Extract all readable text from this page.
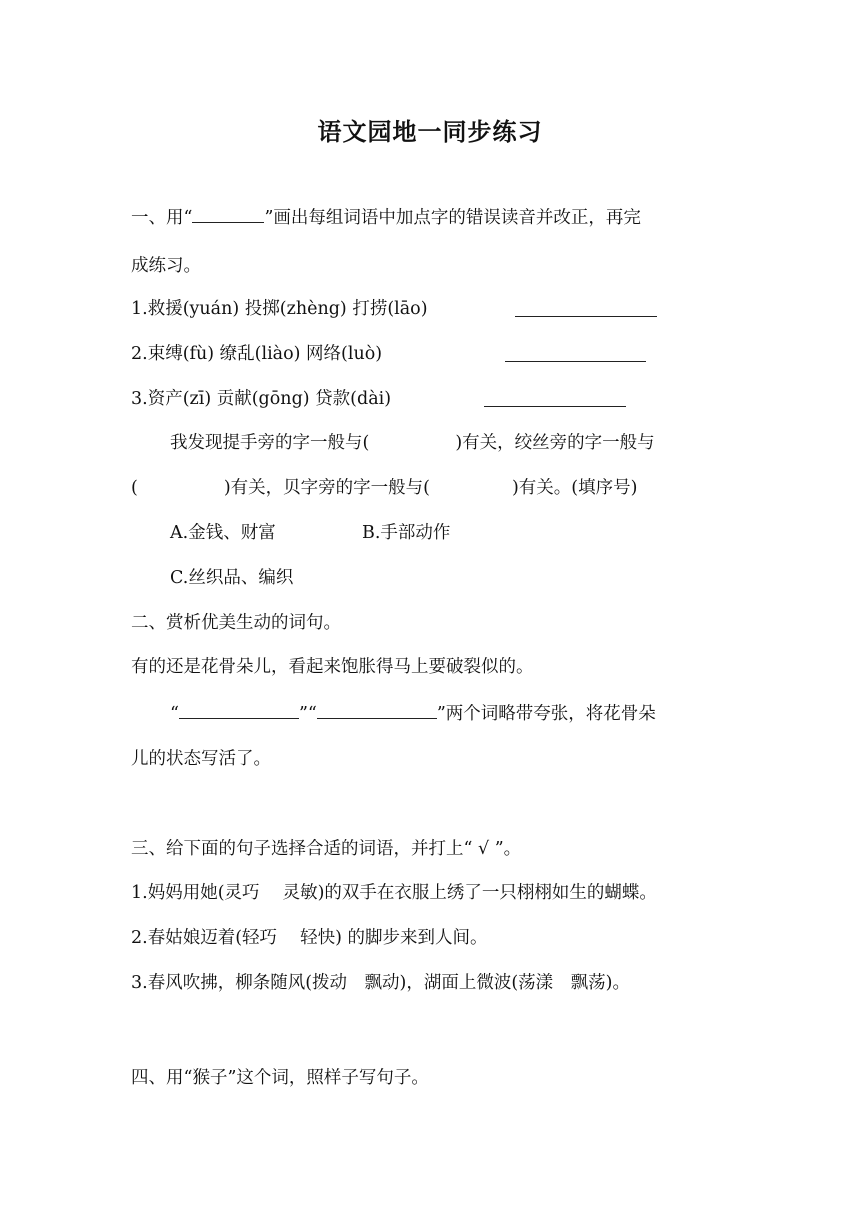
语文园地一同步练习
一、用“	”画出每组词语中加点字的错误读音并改正，再完
成练习。
1.救援(yuán) 投掷(zhèng) 打捞(lāo)
2.束缚(fù) 缭乱(liào) 网络(luò)
3.资产(zī) 贡献(gōng) 贷款(dài)
我发现提手旁的字一般与(	)有关，绞丝旁的字一般与
(	)有关，贝字旁的字一般与(	)有关。(填序号)
A.金钱、财富	B.手部动作
C.丝织品、编织
二、赏析优美生动的词句。
有的还是花骨朵儿，看起来饱胀得马上要破裂似的。
“	”“	”两个词略带夸张，将花骨朵
儿的状态写活了。
三、给下面的句子选择合适的词语，并打上“ √ ”。
1.妈妈用她(灵巧　 灵敏)的双手在衣服上绣了一只栩栩如生的蝴蝶。
2.春姑娘迈着(轻巧　 轻快) 的脚步来到人间。
3.春风吹拂，柳条随风(拨动　飘动)，湖面上微波(荡漾　飘荡)。
四、用“猴子”这个词，照样子写句子。
